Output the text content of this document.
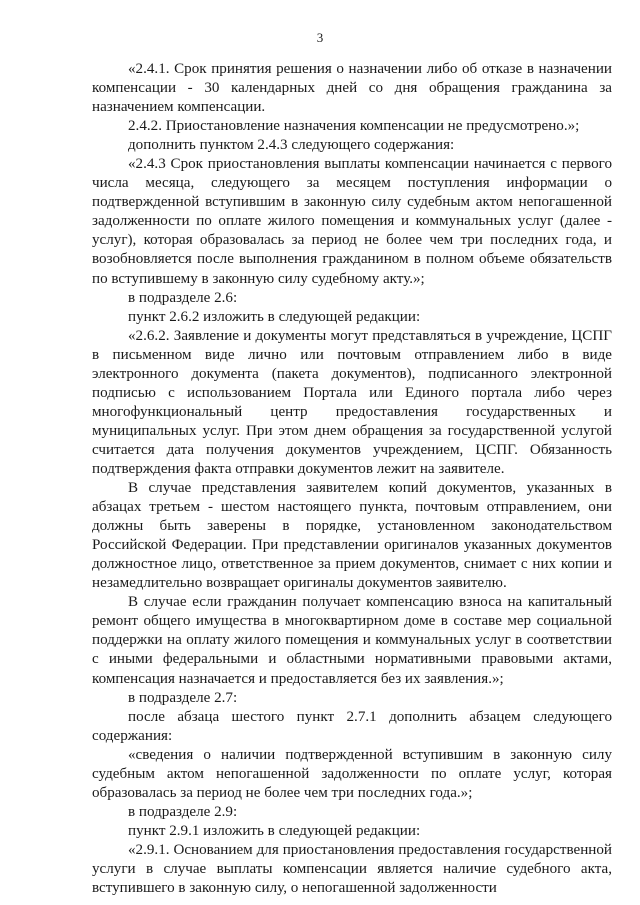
3

«2.4.1. Срок принятия решения о назначении либо об отказе в назначении компенсации - 30 календарных дней со дня обращения гражданина за назначением компенсации.

2.4.2. Приостановление назначения компенсации не предусмотрено.»;

дополнить пунктом 2.4.3 следующего содержания:

«2.4.3 Срок приостановления выплаты компенсации начинается с первого числа месяца, следующего за месяцем поступления информации о подтвержденной вступившим в законную силу судебным актом непогашенной задолженности по оплате жилого помещения и коммунальных услуг (далее - услуг), которая образовалась за период не более чем три последних года, и возобновляется после выполнения гражданином в полном объеме обязательств по вступившему в законную силу судебному акту.»;

в подразделе 2.6:

пункт 2.6.2 изложить в следующей редакции:

«2.6.2. Заявление и документы могут представляться в учреждение, ЦСПГ в письменном виде лично или почтовым отправлением либо в виде электронного документа (пакета документов), подписанного электронной подписью с использованием Портала или Единого портала либо через многофункциональный центр предоставления государственных и муниципальных услуг. При этом днем обращения за государственной услугой считается дата получения документов учреждением, ЦСПГ. Обязанность подтверждения факта отправки документов лежит на заявителе.

В случае представления заявителем копий документов, указанных в абзацах третьем - шестом настоящего пункта, почтовым отправлением, они должны быть заверены в порядке, установленном законодательством Российской Федерации. При представлении оригиналов указанных документов должностное лицо, ответственное за прием документов, снимает с них копии и незамедлительно возвращает оригиналы документов заявителю.

В случае если гражданин получает компенсацию взноса на капитальный ремонт общего имущества в многоквартирном доме в составе мер социальной поддержки на оплату жилого помещения и коммунальных услуг в соответствии с иными федеральными и областными нормативными правовыми актами, компенсация назначается и предоставляется без их заявления.»;

в подразделе 2.7:

после абзаца шестого пункт 2.7.1 дополнить абзацем следующего содержания:

«сведения о наличии подтвержденной вступившим в законную силу судебным актом непогашенной задолженности по оплате услуг, которая образовалась за период не более чем три последних года.»;

в подразделе 2.9:

пункт 2.9.1 изложить в следующей редакции:

«2.9.1. Основанием для приостановления предоставления государственной услуги в случае выплаты компенсации является наличие судебного акта, вступившего в законную силу, о непогашенной задолженности
